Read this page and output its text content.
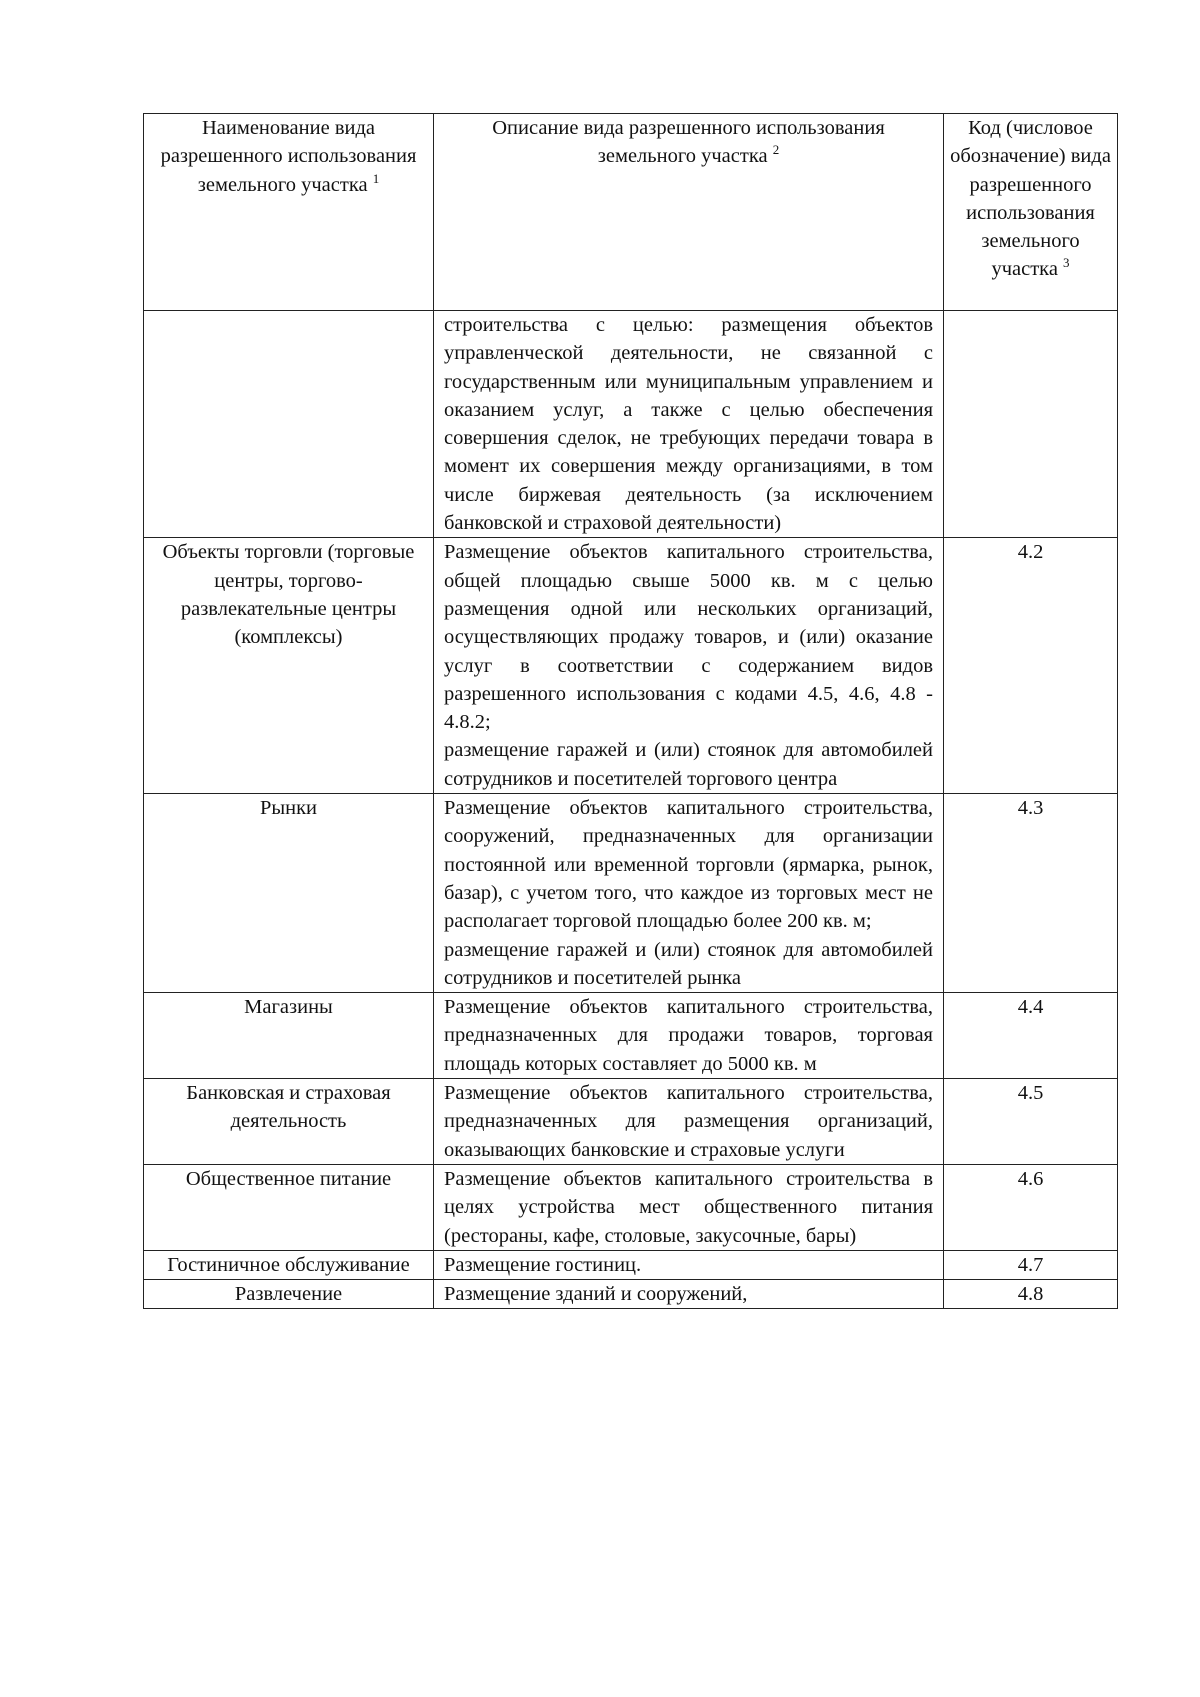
Наименование вида разрешенного использования земельного участка $^1$	Описание вида разрешенного использования земельного участка $^2$	Код (числовое обозначение) вида разрешенного использования земельного участка $^3$

	строительства с целью: размещения объектов управленческой деятельности, не связанной с государственным или муниципальным управлением и оказанием услуг, а также с целью обеспечения совершения сделок, не требующих передачи товара в момент их совершения между организациями, в том числе биржевая деятельность (за исключением банковской и страховой деятельности)	

Объекты торговли (торговые центры, торгово-развлекательные центры (комплексы)	Размещение объектов капитального строительства, общей площадью свыше 5000 кв. м с целью размещения одной или нескольких организаций, осуществляющих продажу товаров, и (или) оказание услуг в соответствии с содержанием видов разрешенного использования с кодами 4.5, 4.6, 4.8 - 4.8.2;
размещение гаражей и (или) стоянок для автомобилей сотрудников и посетителей торгового центра	4.2
Рынки	Размещение объектов капитального строительства, сооружений, предназначенных для организации постоянной или временной торговли (ярмарка, рынок, базар), с учетом того, что каждое из торговых мест не располагает торговой площадью более 200 кв. м;
размещение гаражей и (или) стоянок для автомобилей сотрудников и посетителей рынка	4.3
Магазины	Размещение объектов капитального строительства, предназначенных для продажи товаров, торговая площадь которых составляет до 5000 кв. м	4.4
Банковская и страховая деятельность	Размещение объектов капитального строительства, предназначенных для размещения организаций, оказывающих банковские и страховые услуги	4.5
Общественное питание	Размещение объектов капитального строительства в целях устройства мест общественного питания (рестораны, кафе, столовые, закусочные, бары)	4.6
Гостиничное обслуживание	Размещение гостиниц.	4.7
Развлечение	Размещение зданий и сооружений,	4.8
